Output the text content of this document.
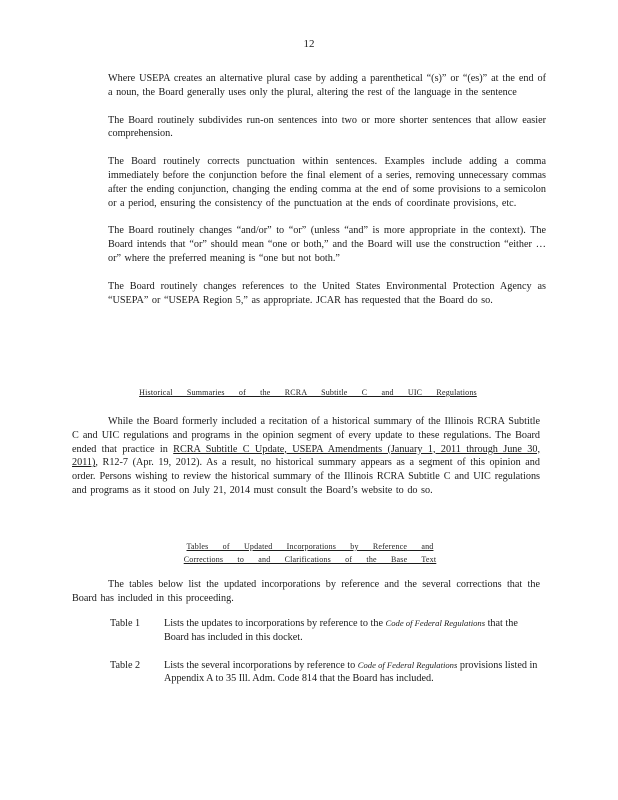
12
Where USEPA creates an alternative plural case by adding a parenthetical “(s)” or “(es)” at the end of a noun, the Board generally uses only the plural, altering the rest of the language in the sentence
The Board routinely subdivides run-on sentences into two or more shorter sentences that allow easier comprehension.
The Board routinely corrects punctuation within sentences. Examples include adding a comma immediately before the conjunction before the final element of a series, removing unnecessary commas after the ending conjunction, changing the ending comma at the end of some provisions to a semicolon or a period, ensuring the consistency of the punctuation at the ends of coordinate provisions, etc.
The Board routinely changes “and/or” to “or” (unless “and” is more appropriate in the context). The Board intends that “or” should mean “one or both,” and the Board will use the construction “either … or” where the preferred meaning is “one but not both.”
The Board routinely changes references to the United States Environmental Protection Agency as “USEPA” or “USEPA Region 5,” as appropriate. JCAR has requested that the Board do so.
Historical Summaries of the RCRA Subtitle C and UIC Regulations
While the Board formerly included a recitation of a historical summary of the Illinois RCRA Subtitle C and UIC regulations and programs in the opinion segment of every update to these regulations. The Board ended that practice in RCRA Subtitle C Update, USEPA Amendments (January 1, 2011 through June 30, 2011), R12-7 (Apr. 19, 2012). As a result, no historical summary appears as a segment of this opinion and order. Persons wishing to review the historical summary of the Illinois RCRA Subtitle C and UIC regulations and programs as it stood on July 21, 2014 must consult the Board’s website to do so.
Tables of Updated Incorporations by Reference and
Corrections to and Clarifications of the Base Text
The tables below list the updated incorporations by reference and the several corrections that the Board has included in this proceeding.
Table 1	Lists the updates to incorporations by reference to the Code of Federal Regulations that the Board has included in this docket.
Table 2	Lists the several incorporations by reference to Code of Federal Regulations provisions listed in Appendix A to 35 Ill. Adm. Code 814 that the Board has included.
